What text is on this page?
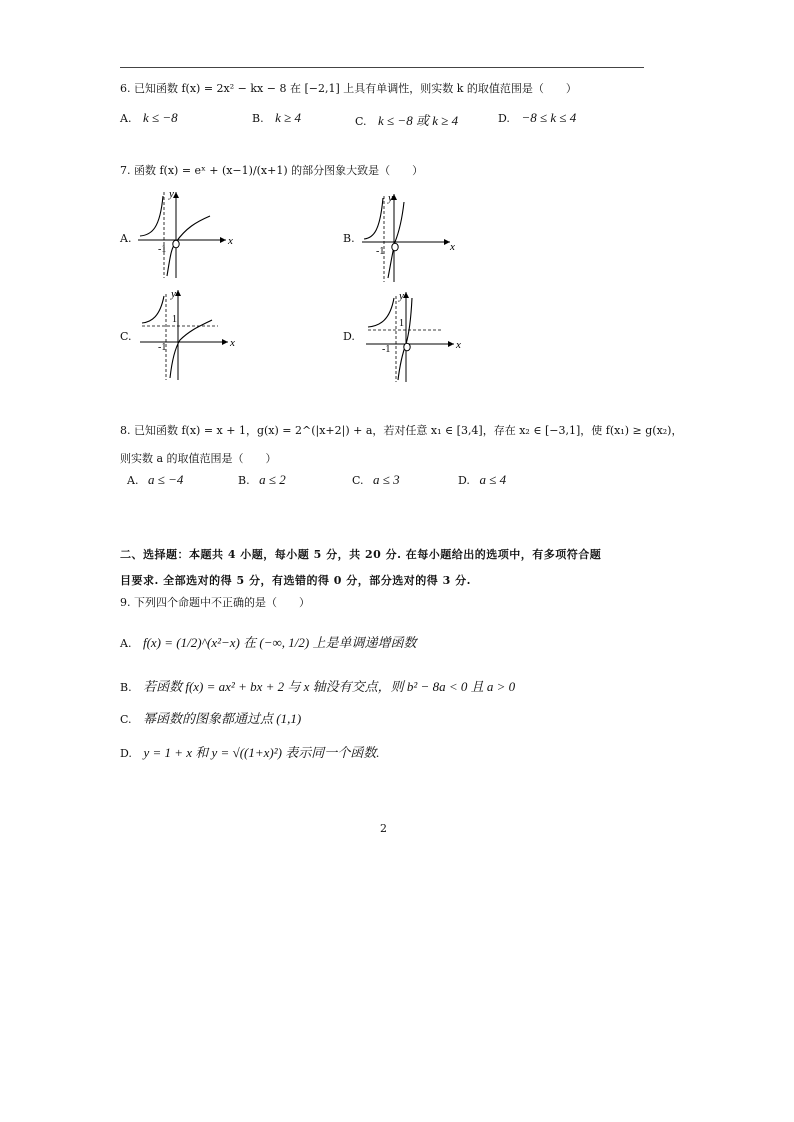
6. 已知函数 f(x) = 2x² − kx − 8 在 [−2,1] 上具有单调性，则实数 k 的取值范围是（　　）
A. k ≤ −8	B. k ≥ 4	C. k ≤ −8 或 k ≥ 4	D. −8 ≤ k ≤ 4
7. 函数 f(x) = eˣ + (x−1)/(x+1) 的部分图象大致是（　　）
A.	x
y
-1
B.
x
y
-1
C.	x
y
1
-1
D.
x
y
1
-1
8. 已知函数 f(x) = x + 1，g(x) = 2^(|x+2|) + a，若对任意 x₁ ∈ [3,4]，存在 x₂ ∈ [−3,1]，使 f(x₁) ≥ g(x₂)，
则实数 a 的取值范围是（　　）
A. a ≤ −4	B. a ≤ 2	C. a ≤ 3	D. a ≤ 4
二、选择题：本题共 4 小题，每小题 5 分，共 20 分. 在每小题给出的选项中，有多项符合题
目要求. 全部选对的得 5 分，有选错的得 0 分，部分选对的得 3 分.
9. 下列四个命题中不正确的是（　　）
A. f(x) = (1/2)^(x²−x) 在 (−∞, 1/2) 上是单调递增函数
B. 若函数 f(x) = ax² + bx + 2 与 x 轴没有交点，则 b² − 8a < 0 且 a > 0
C. 幂函数的图象都通过点 (1,1)
D. y = 1 + x 和 y = √((1+x)²) 表示同一个函数.
2
